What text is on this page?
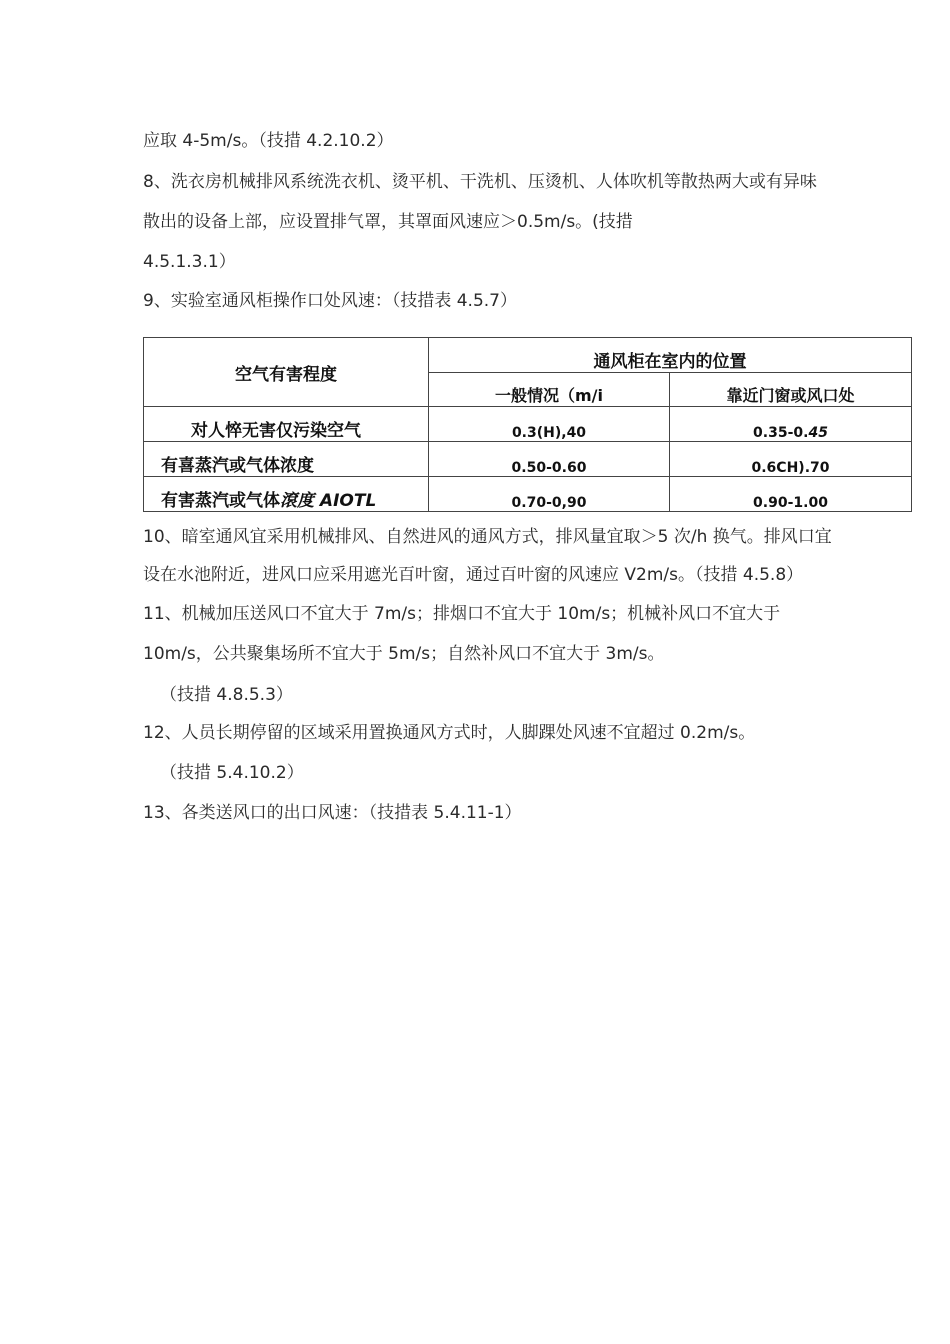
应取 4-5m/s。（技措 4.2.10.2）
8、洗衣房机械排风系统洗衣机、烫平机、干洗机、压烫机、人体吹机等散热两大或有异味
散出的设备上部，应设置排气罩，其罩面风速应＞0.5m/s。(技措
4.5.1.3.1）
9、实验室通风柜操作口处风速：（技措表 4.5.7）
空气有害程度	通风柜在室内的位置	
	一般情况（m/i	靠近门窗或风口处
对人悴无害仅污染空气	0.3(H),40	0.35-0.45
有喜蒸汽或气体浓度	0.50-0.60	0.6CH).70
有害蒸汽或气体滾度 AIOTL	0.70-0,90	0.90-1.00
10、暗室通风宜采用机械排风、自然进风的通风方式，排风量宜取＞5 次/h 换气。排风口宜
设在水池附近，进风口应采用遮光百叶窗，通过百叶窗的风速应 V2m/s。（技措 4.5.8）
11、机械加压送风口不宜大于 7m/s；排烟口不宜大于 10m/s；机械补风口不宜大于
10m/s，公共聚集场所不宜大于 5m/s；自然补风口不宜大于 3m/s。
（技措 4.8.5.3）
12、人员长期停留的区域采用置换通风方式时，人脚踝处风速不宜超过 0.2m/s。
（技措 5.4.10.2）
13、各类送风口的出口风速：（技措表 5.4.11-1）
